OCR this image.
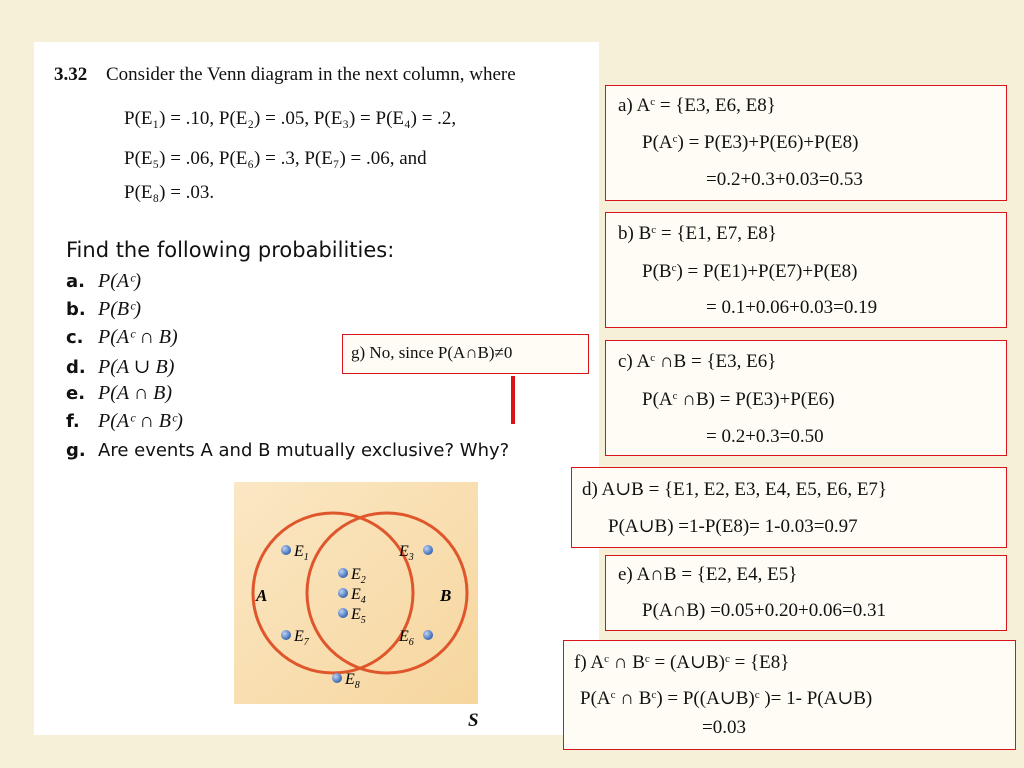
3.32 Consider the Venn diagram in the next column, where
P(E₁) = .10, P(E₂) = .05, P(E₃) = P(E₄) = .2,
P(E₅) = .06, P(E₆) = .3, P(E₇) = .06, and
P(E₈) = .03.
Find the following probabilities:
a. P(Aᶜ)
b. P(Bᶜ)
c. P(Aᶜ ∩ B)
d. P(A ∪ B)
e. P(A ∩ B)
f. P(Aᶜ ∩ Bᶜ)
g. Are events A and B mutually exclusive? Why?
A	B
$E_1$	$E_3$
$E_2$
$E_4$
$E_5$
$E_7$	$E_6$
$E_8$
S
g) No, since P(A∩B)≠0
a) $A^c = \{E3$, E6, E8}
$P(A^c) = P(E3)+P(E6)+P(E8)$
=0.2+0.3+0.03=0.53
b) $B^c = \{E1$, E7, E8}
$P(B^c) = P(E1)+P(E7)+P(E8)$
= 0.1+0.06+0.03=0.19
c) $A^c$ ∩B = {E3, E6}
$P(A^c$ ∩B) = P(E3)+P(E6)
= 0.2+0.3=0.50
d) A∪B = {E1, E2, E3, E4, E5, E6, E7}
P(A∪B) =1-P(E8)= 1-0.03=0.97
e) A∩B = {E2, E4, E5}
P(A∩B) =0.05+0.20+0.06=0.31
f) $A^c$ ∩ $B^c$ = (A∪B)$^c$ = {E8}
$P(A^c$ ∩ $B^c$) = P((A∪B)$^c$ )= 1- P(A∪B)
=0.03
